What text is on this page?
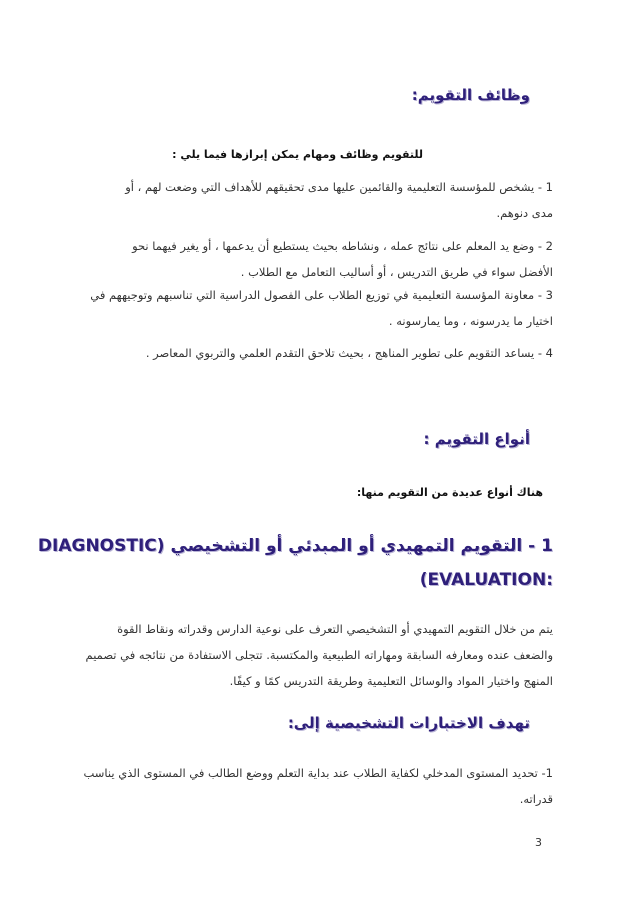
وظائف التقويم:
للتقويم وظائف ومهام يمكن إبرازها فيما يلي :
1 - يشخص للمؤسسة التعليمية والقائمين عليها مدى تحقيقهم للأهداف التي وضعت لهم ، أو
مدى دنوهم.
2 - وضع يد المعلم على نتائج عمله ، ونشاطه بحيث يستطيع أن يدعمها ، أو يغير فيهما نحو
الأفضل سواء في طريق التدريس ، أو أساليب التعامل مع الطلاب .
3 - معاونة المؤسسة التعليمية في توزيع الطلاب على الفصول الدراسية التي تناسبهم وتوجيههم في
اختيار ما يدرسونه ، وما يمارسونه .
4 - يساعد التقويم على تطوير المناهج ، بحيث تلاحق التقدم العلمي والتربوي المعاصر .
أنواع التقويم :
هناك أنواع عديدة من التقويم منها:
1 - التقويم التمهيدي أو المبدئي أو التشخيصي (DIAGNOSTIC
:EVALUATION)
يتم من خلال التقويم التمهيدي أو التشخيصي التعرف على نوعية الدارس وقدراته ونقاط القوة
والضعف عنده ومعارفه السابقة ومهاراته الطبيعية والمكتسبة. تتجلى الاستفادة من نتائجه في تصميم
المنهج واختيار المواد والوسائل التعليمية وطريقة التدريس كمًا و كيفًا.
تهدف الاختبارات التشخيصية إلى:
1- تحديد المستوى المدخلي لكفاية الطلاب عند بداية التعلم ووضع الطالب في المستوى الذي يناسب
قدراته.
3
